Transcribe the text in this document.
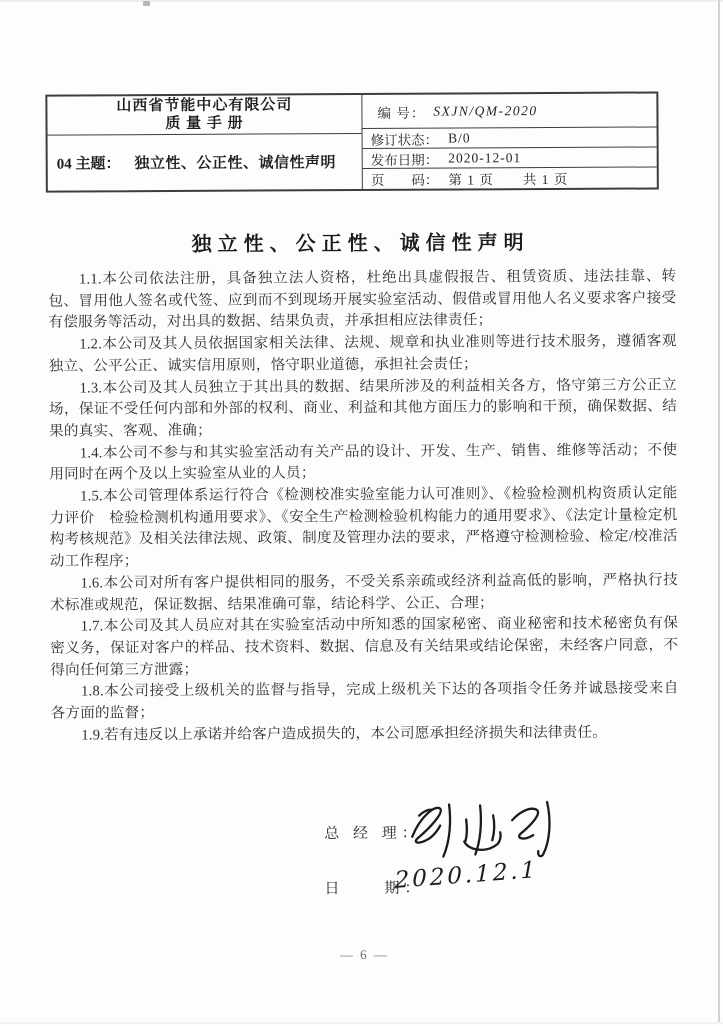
山西省节能中心有限公司
质 量 手 册
04 主题： 独立性、公正性、诚信性声明
编 号： SXJN/QM-2020
修订状态： B/0
发布日期： 2020-12-01
页　　码： 第 1 页　　共 1 页
独立性、公正性、诚信性声明

1.1.本公司依法注册，具备独立法人资格，杜绝出具虚假报告、租赁资质、违法挂靠、转包、冒用他人签名或代签、应到而不到现场开展实验室活动、假借或冒用他人名义要求客户接受有偿服务等活动，对出具的数据、结果负责，并承担相应法律责任；

1.2.本公司及其人员依据国家相关法律、法规、规章和执业准则等进行技术服务，遵循客观独立、公平公正、诚实信用原则，恪守职业道德，承担社会责任；

1.3.本公司及其人员独立于其出具的数据、结果所涉及的利益相关各方，恪守第三方公正立场，保证不受任何内部和外部的权利、商业、利益和其他方面压力的影响和干预，确保数据、结果的真实、客观、准确；

1.4.本公司不参与和其实验室活动有关产品的设计、开发、生产、销售、维修等活动；不使用同时在两个及以上实验室从业的人员；

1.5.本公司管理体系运行符合《检测校准实验室能力认可准则》、《检验检测机构资质认定能力评价　检验检测机构通用要求》、《安全生产检测检验机构能力的通用要求》、《法定计量检定机构考核规范》及相关法律法规、政策、制度及管理办法的要求，严格遵守检测检验、检定/校准活动工作程序；

1.6.本公司对所有客户提供相同的服务，不受关系亲疏或经济利益高低的影响，严格执行技术标准或规范，保证数据、结果准确可靠，结论科学、公正、合理；

1.7.本公司及其人员应对其在实验室活动中所知悉的国家秘密、商业秘密和技术秘密负有保密义务，保证对客户的样品、技术资料、数据、信息及有关结果或结论保密，未经客户同意，不得向任何第三方泄露；

1.8.本公司接受上级机关的监督与指导，完成上级机关下达的各项指令任务并诚恳接受来自各方面的监督；

1.9.若有违反以上承诺并给客户造成损失的，本公司愿承担经济损失和法律责任。

总 经 理：
日　　期：
2020.12.1
— 6 —
